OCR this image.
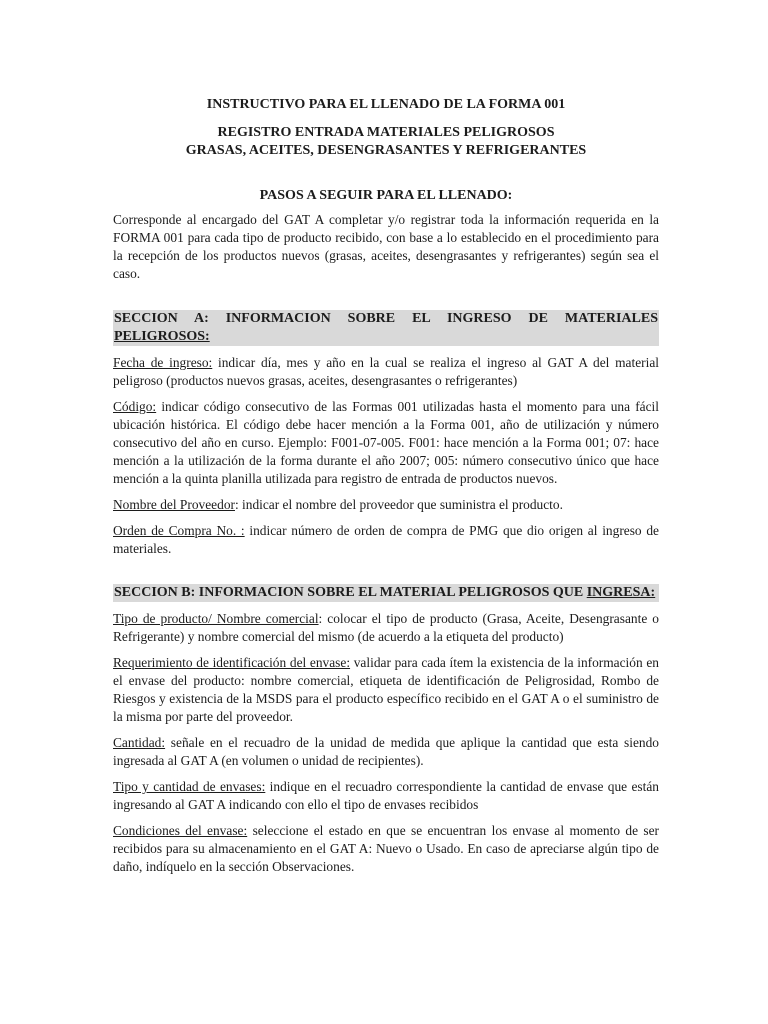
INSTRUCTIVO PARA EL LLENADO DE LA FORMA 001
REGISTRO ENTRADA MATERIALES PELIGROSOS
GRASAS, ACEITES, DESENGRASANTES Y REFRIGERANTES
PASOS A SEGUIR PARA EL LLENADO:

Corresponde al encargado del GAT A completar y/o registrar toda la información requerida en la FORMA 001 para cada tipo de producto recibido, con base a lo establecido en el procedimiento para la recepción de los productos nuevos (grasas, aceites, desengrasantes y refrigerantes) según sea el caso.

SECCION A: INFORMACION SOBRE EL INGRESO DE MATERIALES PELIGROSOS:

Fecha de ingreso: indicar día, mes y año en la cual se realiza el ingreso al GAT A del material peligroso (productos nuevos grasas, aceites, desengrasantes o refrigerantes)

Código: indicar código consecutivo de las Formas 001 utilizadas hasta el momento para una fácil ubicación histórica. El código debe hacer mención a la Forma 001, año de utilización y número consecutivo del año en curso. Ejemplo: F001-07-005. F001: hace mención a la Forma 001; 07: hace mención a la utilización de la forma durante el año 2007; 005: número consecutivo único que hace mención a la quinta planilla utilizada para registro de entrada de productos nuevos.

Nombre del Proveedor: indicar el nombre del proveedor que suministra el producto.

Orden de Compra No. : indicar número de orden de compra de PMG que dio origen al ingreso de materiales.

SECCION B: INFORMACION SOBRE EL MATERIAL PELIGROSOS QUE INGRESA:

Tipo de producto/ Nombre comercial: colocar el tipo de producto (Grasa, Aceite, Desengrasante o Refrigerante) y nombre comercial del mismo (de acuerdo a la etiqueta del producto)

Requerimiento de identificación del envase: validar para cada ítem la existencia de la información en el envase del producto: nombre comercial, etiqueta de identificación de Peligrosidad, Rombo de Riesgos y existencia de la MSDS para el producto específico recibido en el GAT A o el suministro de la misma por parte del proveedor.

Cantidad: señale en el recuadro de la unidad de medida que aplique la cantidad que esta siendo ingresada al GAT A (en volumen o unidad de recipientes).

Tipo y cantidad de envases: indique en el recuadro correspondiente la cantidad de envase que están ingresando al GAT A indicando con ello el tipo de envases recibidos

Condiciones del envase: seleccione el estado en que se encuentran los envase al momento de ser recibidos para su almacenamiento en el GAT A: Nuevo o Usado. En caso de apreciarse algún tipo de daño, indíquelo en la sección Observaciones.
